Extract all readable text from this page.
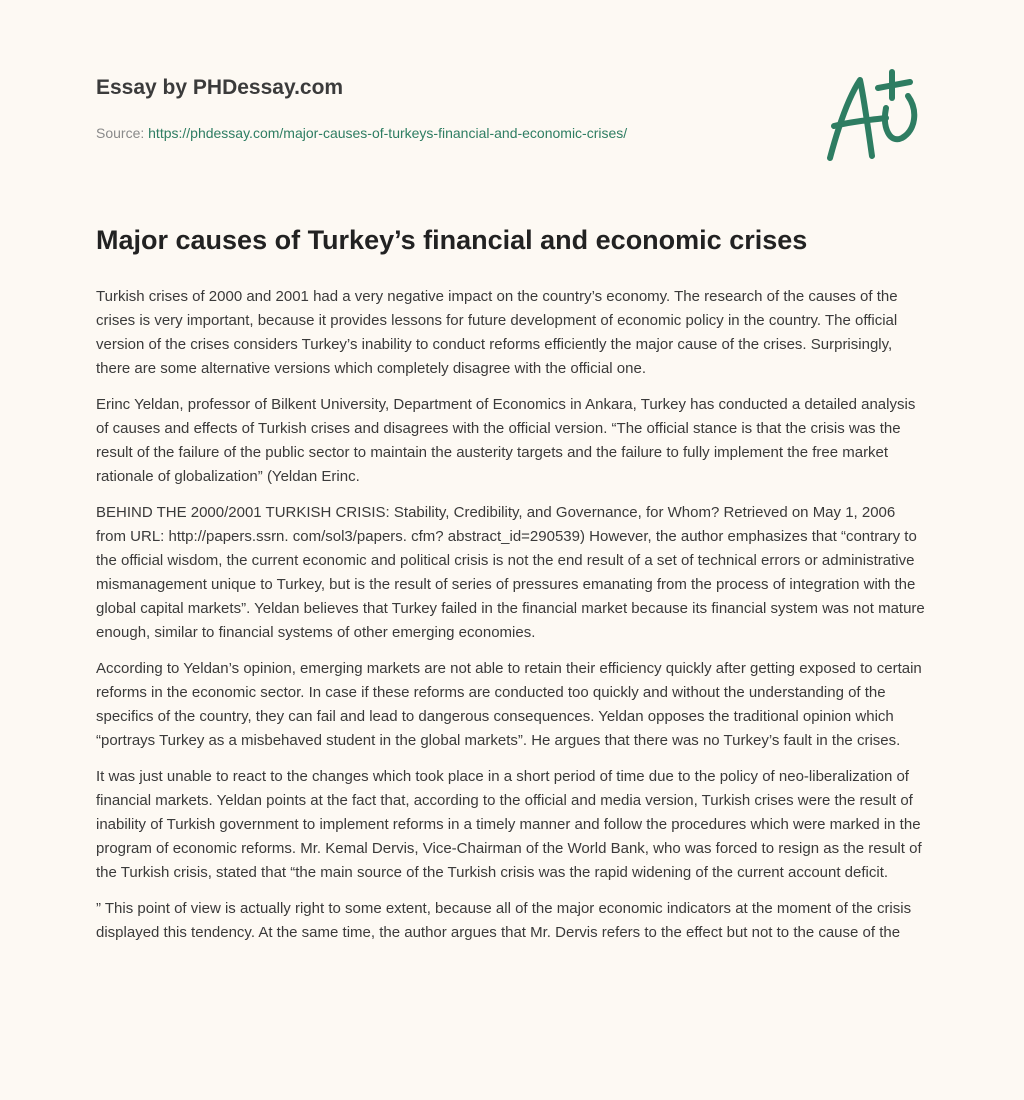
Essay by PHDessay.com
Source: https://phdessay.com/major-causes-of-turkeys-financial-and-economic-crises/
Major causes of Turkey’s financial and economic crises

Turkish crises of 2000 and 2001 had a very negative impact on the country’s economy. The research of the causes of the crises is very important, because it provides lessons for future development of economic policy in the country. The official version of the crises considers Turkey’s inability to conduct reforms efficiently the major cause of the crises. Surprisingly, there are some alternative versions which completely disagree with the official one.

Erinc Yeldan, professor of Bilkent University, Department of Economics in Ankara, Turkey has conducted a detailed analysis of causes and effects of Turkish crises and disagrees with the official version. “The official stance is that the crisis was the result of the failure of the public sector to maintain the austerity targets and the failure to fully implement the free market rationale of globalization” (Yeldan Erinc.

BEHIND THE 2000/2001 TURKISH CRISIS: Stability, Credibility, and Governance, for Whom? Retrieved on May 1, 2006 from URL: http://papers.ssrn. com/sol3/papers. cfm? abstract_id=290539) However, the author emphasizes that “contrary to the official wisdom, the current economic and political crisis is not the end result of a set of technical errors or administrative mismanagement unique to Turkey, but is the result of series of pressures emanating from the process of integration with the global capital markets”. Yeldan believes that Turkey failed in the financial market because its financial system was not mature enough, similar to financial systems of other emerging economies.

According to Yeldan’s opinion, emerging markets are not able to retain their efficiency quickly after getting exposed to certain reforms in the economic sector. In case if these reforms are conducted too quickly and without the understanding of the specifics of the country, they can fail and lead to dangerous consequences. Yeldan opposes the traditional opinion which “portrays Turkey as a misbehaved student in the global markets”. He argues that there was no Turkey’s fault in the crises.

It was just unable to react to the changes which took place in a short period of time due to the policy of neo-liberalization of financial markets. Yeldan points at the fact that, according to the official and media version, Turkish crises were the result of inability of Turkish government to implement reforms in a timely manner and follow the procedures which were marked in the program of economic reforms. Mr. Kemal Dervis, Vice-Chairman of the World Bank, who was forced to resign as the result of the Turkish crisis, stated that “the main source of the Turkish crisis was the rapid widening of the current account deficit.

” This point of view is actually right to some extent, because all of the major economic indicators at the moment of the crisis displayed this tendency. At the same time, the author argues that Mr. Dervis refers to the effect but not to the cause of the
